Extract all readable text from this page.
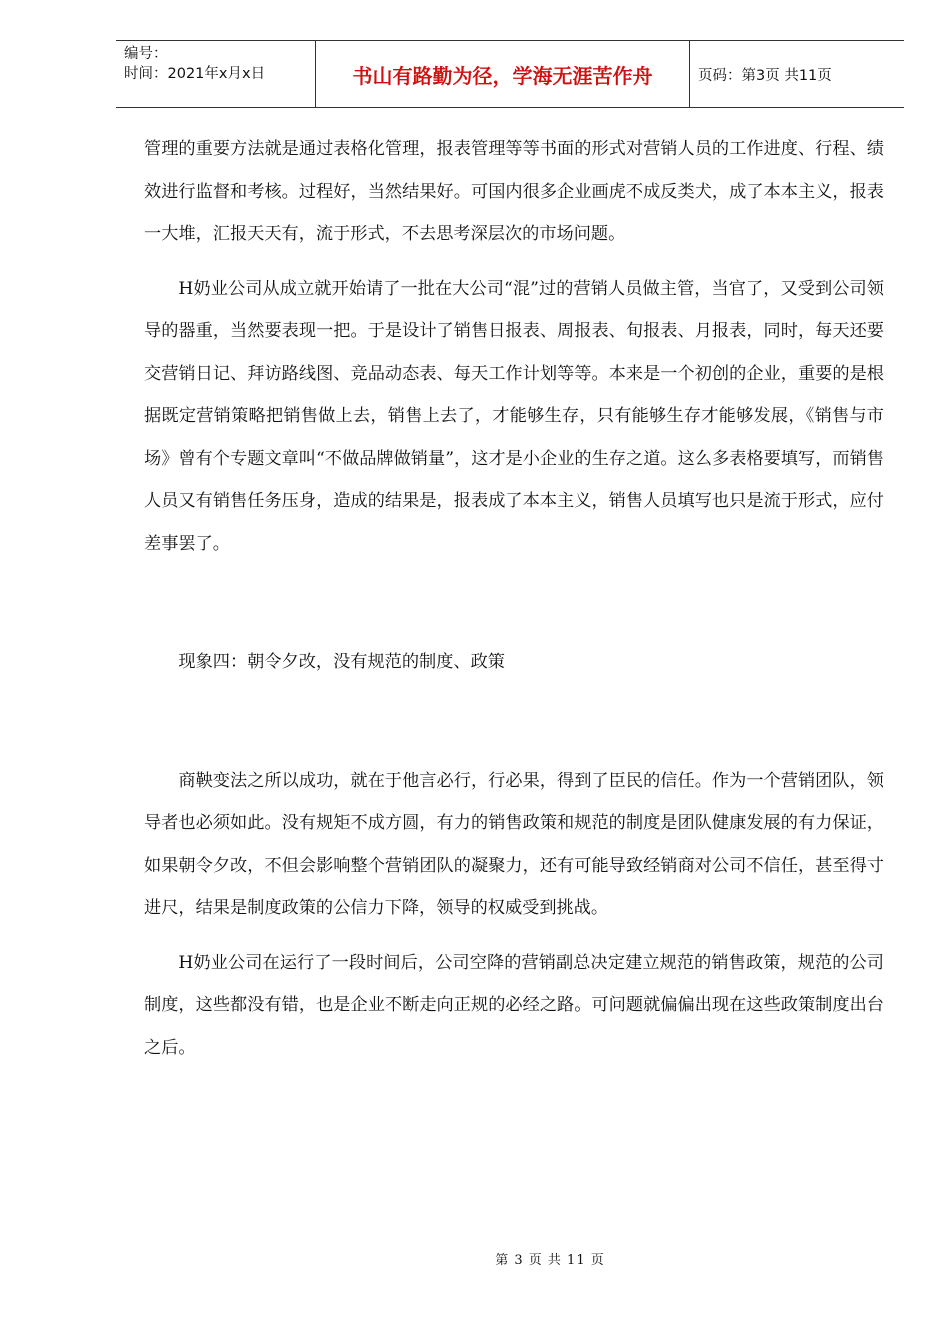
编号：
时间：2021年x月x日	书山有路勤为径，学海无涯苦作舟	页码：第3页 共11页

管理的重要方法就是通过表格化管理，报表管理等等书面的形式对营销人员的工作进度、行程、绩效进行监督和考核。过程好，当然结果好。可国内很多企业画虎不成反类犬，成了本本主义，报表一大堆，汇报天天有，流于形式，不去思考深层次的市场问题。

H奶业公司从成立就开始请了一批在大公司“混”过的营销人员做主管，当官了，又受到公司领导的器重，当然要表现一把。于是设计了销售日报表、周报表、旬报表、月报表，同时，每天还要交营销日记、拜访路线图、竞品动态表、每天工作计划等等。本来是一个初创的企业，重要的是根据既定营销策略把销售做上去，销售上去了，才能够生存，只有能够生存才能够发展，《销售与市场》曾有个专题文章叫“不做品牌做销量”，这才是小企业的生存之道。这么多表格要填写，而销售人员又有销售任务压身，造成的结果是，报表成了本本主义，销售人员填写也只是流于形式，应付差事罢了。

现象四：朝令夕改，没有规范的制度、政策

商鞅变法之所以成功，就在于他言必行，行必果，得到了臣民的信任。作为一个营销团队，领导者也必须如此。没有规矩不成方圆，有力的销售政策和规范的制度是团队健康发展的有力保证，如果朝令夕改，不但会影响整个营销团队的凝聚力，还有可能导致经销商对公司不信任，甚至得寸进尺，结果是制度政策的公信力下降，领导的权威受到挑战。

H奶业公司在运行了一段时间后，公司空降的营销副总决定建立规范的销售政策，规范的公司制度，这些都没有错，也是企业不断走向正规的必经之路。可问题就偏偏出现在这些政策制度出台之后。

第 3 页 共 11 页
